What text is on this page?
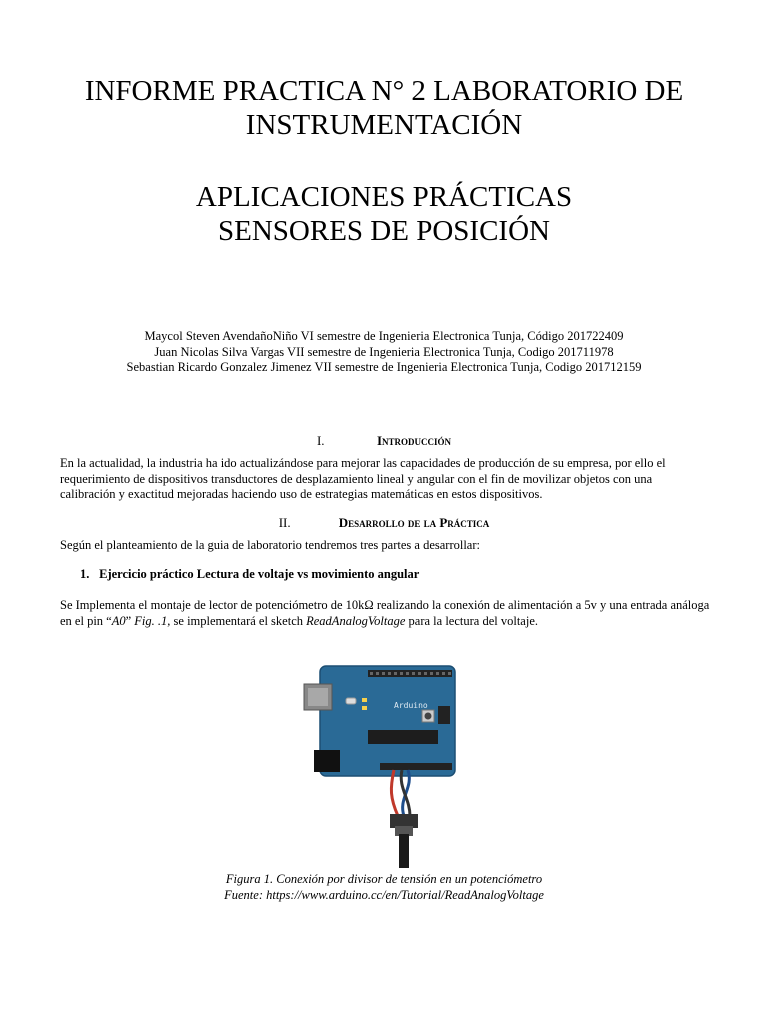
INFORME PRACTICA N° 2 LABORATORIO DE
INSTRUMENTACIÓN
APLICACIONES PRÁCTICAS
SENSORES DE POSICIÓN
Maycol Steven AvendañoNiño VI semestre de Ingenieria Electronica Tunja, Código 201722409
Juan Nicolas Silva Vargas VII semestre de Ingenieria Electronica Tunja, Codigo 201711978
Sebastian Ricardo Gonzalez Jimenez VII semestre de Ingenieria Electronica Tunja, Codigo 201712159
I.	Introducción
En la actualidad, la industria ha ido actualizándose para mejorar las capacidades de producción de su empresa, por ello el requerimiento de dispositivos transductores de desplazamiento lineal y angular con el fin de movilizar objetos con una calibración y exactitud mejoradas haciendo uso de estrategias matemáticas en estos dispositivos.
II.	Desarrollo de la Práctica
Según el planteamiento de la guia de laboratorio tendremos tres partes a desarrollar:
1. Ejercicio práctico Lectura de voltaje vs movimiento angular
Se Implementa el montaje de lector de potenciómetro de 10kΩ realizando la conexión de alimentación a 5v y una entrada análoga en el pin “A0” Fig. .1, se implementará el sketch ReadAnalogVoltage para la lectura del voltaje.
Arduino
Figura 1. Conexión por divisor de tensión en un potenciómetro
Fuente: https://www.arduino.cc/en/Tutorial/ReadAnalogVoltage
